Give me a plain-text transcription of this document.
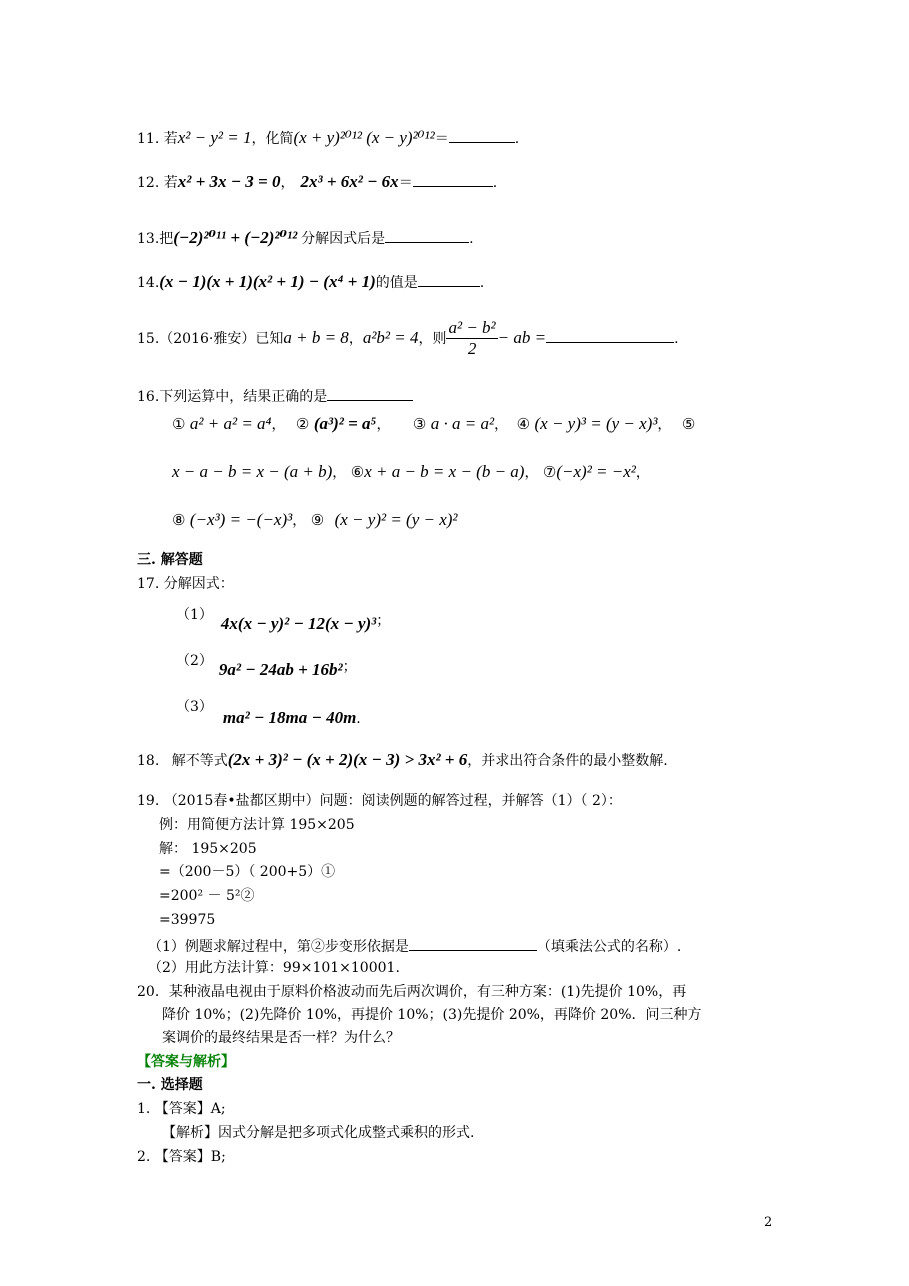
11. 若x² − y² = 1，化简(x + y)²⁰¹² (x − y)²⁰¹²＝	.
12. 若x² + 3x − 3 = 0， 2x³ + 6x² − 6x＝	.
13.把(−2)²⁰¹¹ + (−2)²⁰¹² 分解因式后是	.
14.(x − 1)(x + 1)(x² + 1) − (x⁴ + 1)的值是	.
15.（2016·雅安）已知a + b = 8，a²b² = 4，则 $\frac{\text{a² − b²}}{2}$ − ab =	.
16.下列运算中，结果正确的是
① a² + a² = a⁴， ② (a³)² = a⁵， ③ a · a = a²， ④ (x − y)³ = (y − x)³， ⑤
x − a − b = x − (a + b)， ⑥x + a − b = x − (b − a)， ⑦(−x)² = −x²，
⑧ (−x³) = −(−x)³， ⑨ (x − y)² = (y − x)²
三. 解答题
17. 分解因式：
（1） 4x(x − y)² − 12(x − y)³；
（2） 9a² − 24ab + 16b²；
（3）ma² − 18ma − 40m.
18. 解不等式(2x + 3)² − (x + 2)(x − 3) > 3x² + 6，并求出符合条件的最小整数解.
19. （2015春•盐都区期中）问题：阅读例题的解答过程，并解答（1）（ 2）：
例：用简便方法计算 195×205
解： 195×205
=（200－5）（ 200+5）①
=200² － 5²②
=39975
（1）例题求解过程中，第②步变形依据是	（填乘法公式的名称）.
（2）用此方法计算：99×101×10001.
20．某种液晶电视由于原料价格波动而先后两次调价，有三种方案：(1)先提价 10%，再
降价 10%；(2)先降价 10%，再提价 10%；(3)先提价 20%，再降价 20%．问三种方
案调价的最终结果是否一样？为什么？
【答案与解析】
一. 选择题
1. 【答案】A;
【解析】因式分解是把多项式化成整式乘积的形式.
2. 【答案】B;
2
